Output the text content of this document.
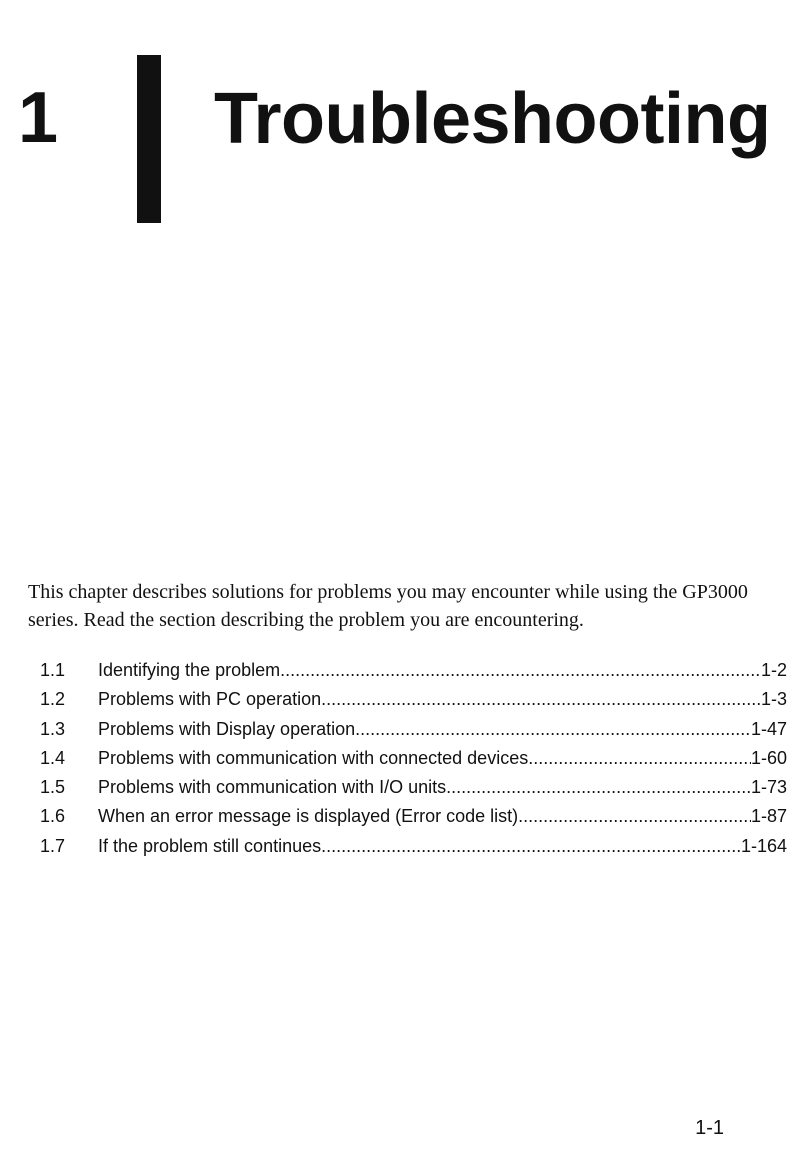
1 Troubleshooting

This chapter describes solutions for problems you may encounter while using the GP3000 series. Read the section describing the problem you are encountering.

1.1	Identifying the problem .....	1-2
1.2	Problems with PC operation .....	1-3
1.3	Problems with Display operation .....	1-47
1.4	Problems with communication with connected devices .....	1-60
1.5	Problems with communication with I/O units .....	1-73
1.6	When an error message is displayed (Error code list) .....	1-87
1.7	If the problem still continues .....	1-164

1-1
